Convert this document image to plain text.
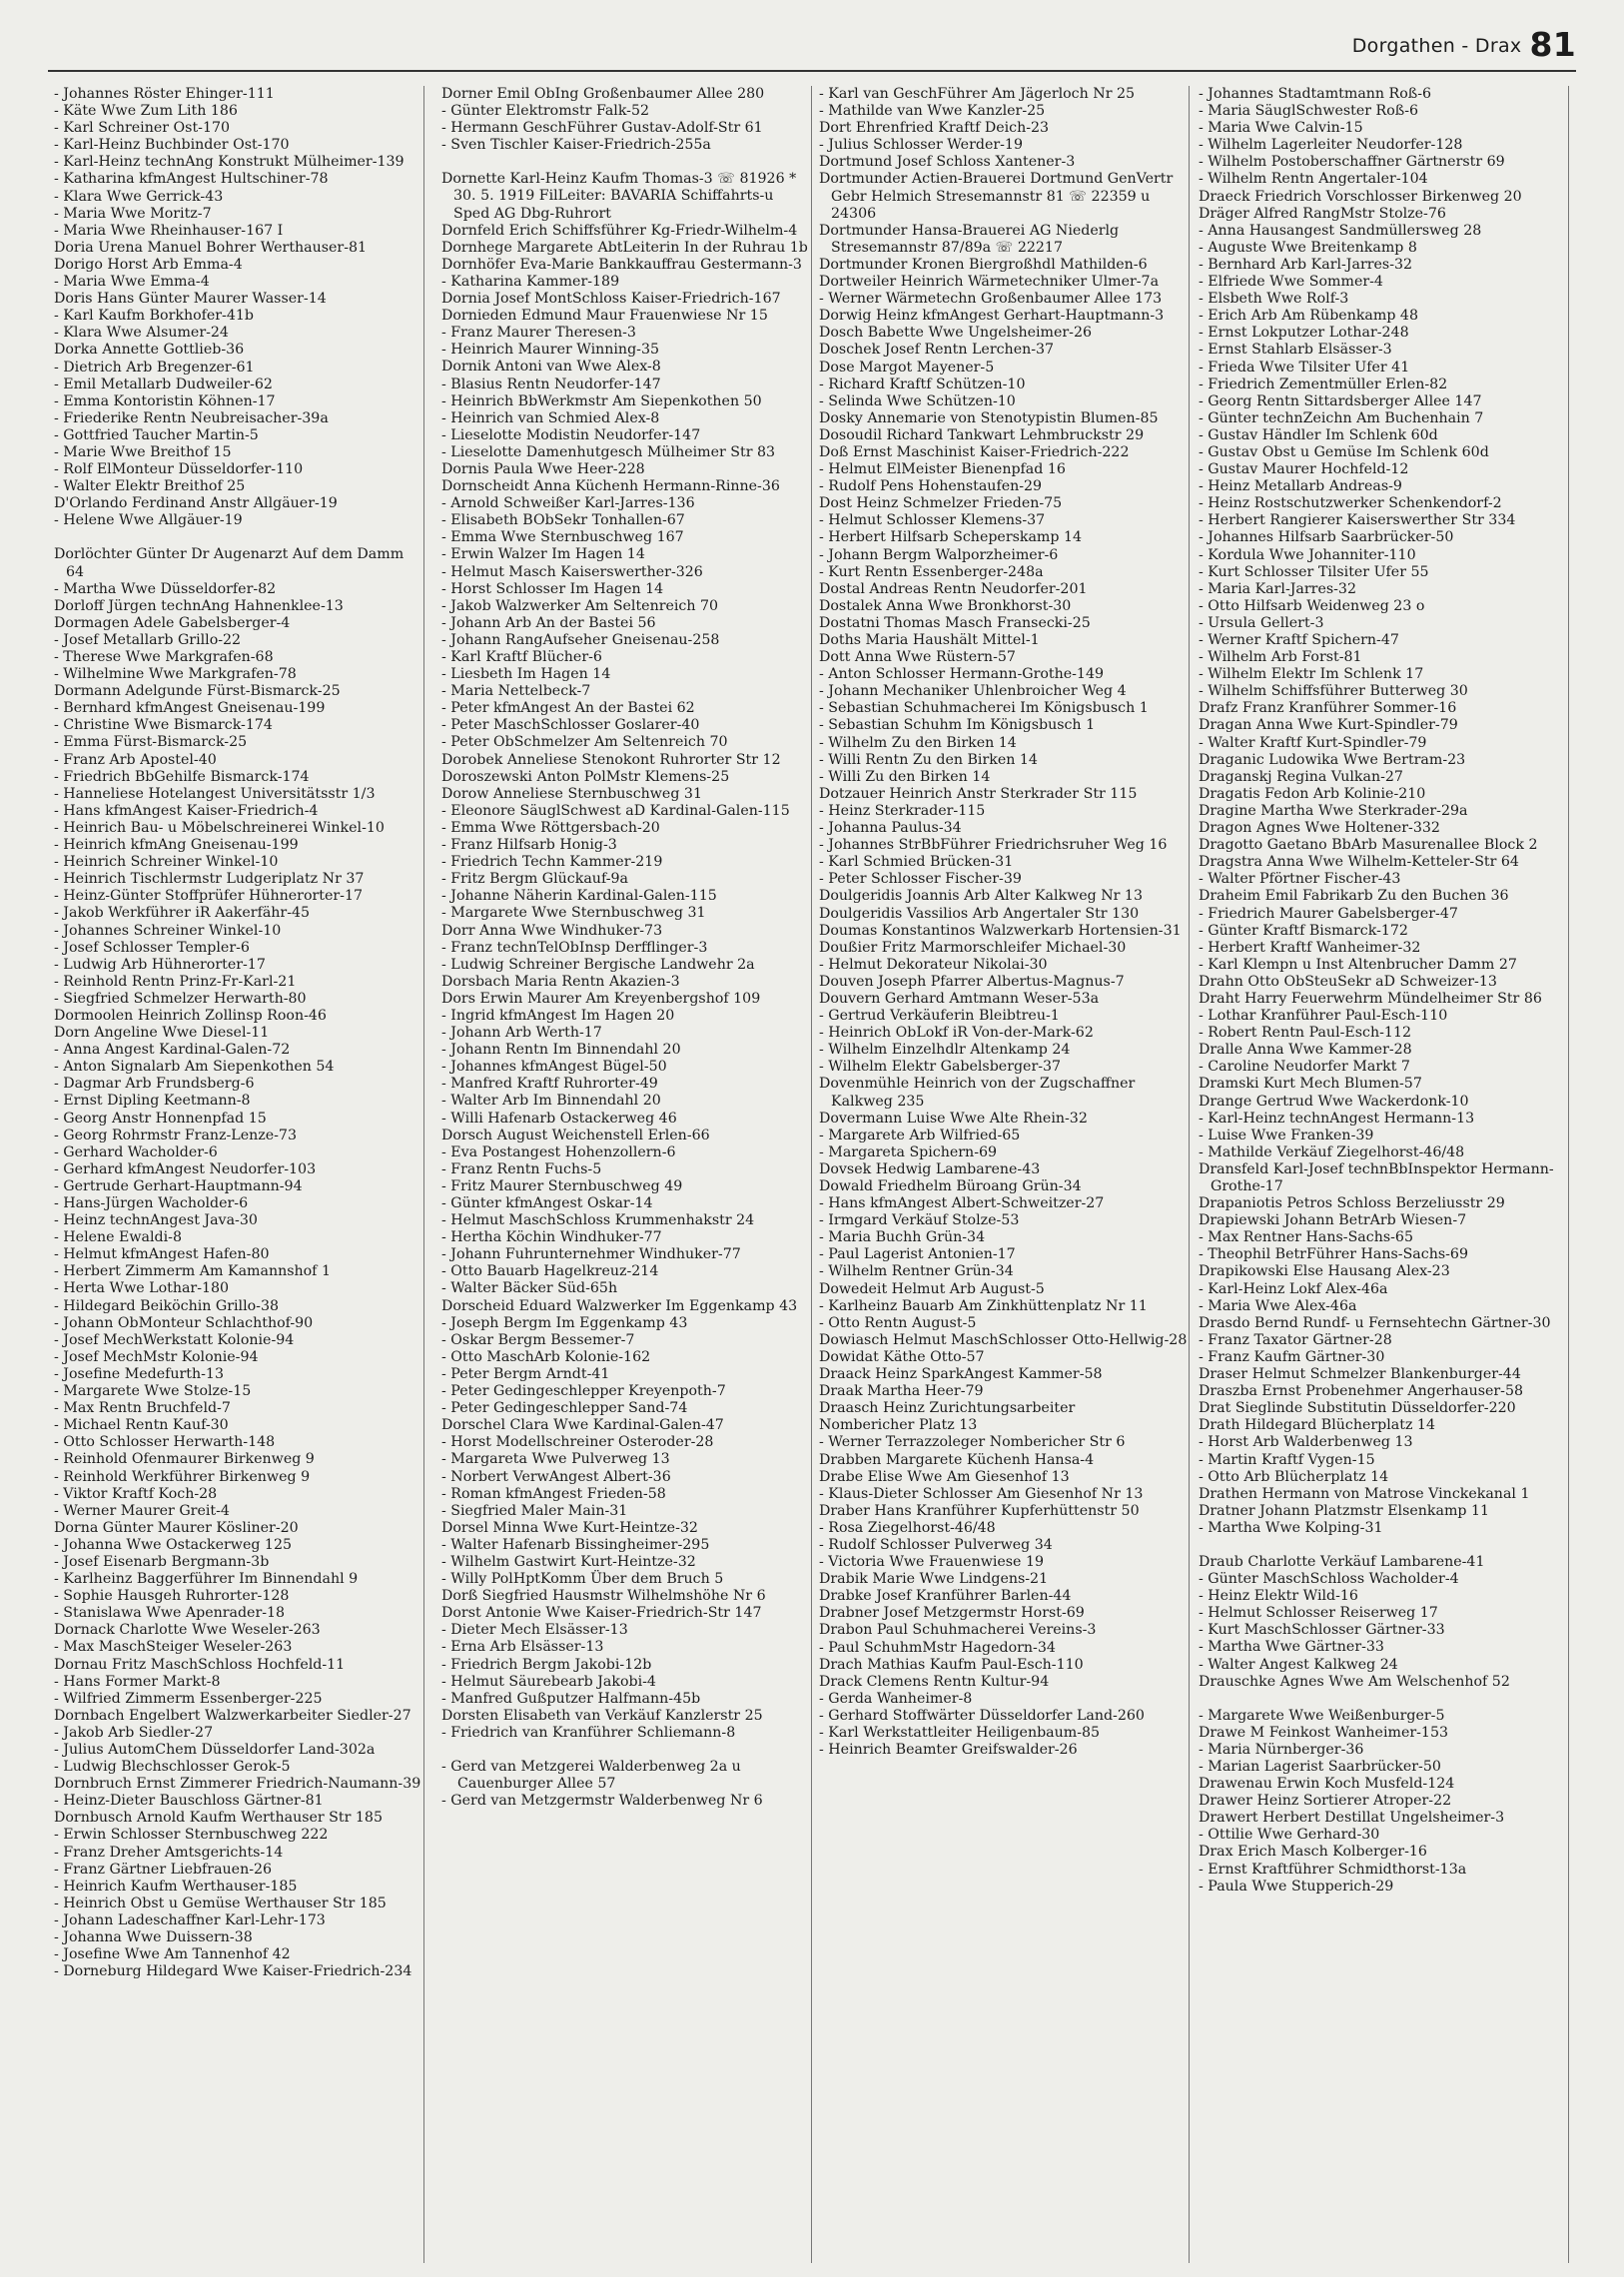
Dorgathen - Drax 81
- Johannes Röster Ehinger-111
- Käte Wwe Zum Lith 186
- Karl Schreiner Ost-170
- Karl-Heinz Buchbinder Ost-170
- Karl-Heinz technAng Konstrukt Mülheimer-139
- Katharina kfmAngest Hultschiner-78
- Klara Wwe Gerrick-43
- Maria Wwe Moritz-7
- Maria Wwe Rheinhauser-167 I
Doria Urena Manuel Bohrer Werthauser-81
Dorigo Horst Arb Emma-4
- Maria Wwe Emma-4
Doris Hans Günter Maurer Wasser-14
- Karl Kaufm Borkhofer-41b
- Klara Wwe Alsumer-24
Dorka Annette Gottlieb-36
- Dietrich Arb Bregenzer-61
- Emil Metallarb Dudweiler-62
- Emma Kontoristin Köhnen-17
- Friederike Rentn Neubreisacher-39a
- Gottfried Taucher Martin-5
- Marie Wwe Breithof 15
- Rolf ElMonteur Düsseldorfer-110
- Walter Elektr Breithof 25
D'Orlando Ferdinand Anstr Allgäuer-19
- Helene Wwe Allgäuer-19
Dorlöchter Günter Dr Augenarzt Auf dem Damm 64
- Martha Wwe Düsseldorfer-82
Dorloff Jürgen technAng Hahnenklee-13
Dormagen Adele Gabelsberger-4
- Josef Metallarb Grillo-22
- Therese Wwe Markgrafen-68
- Wilhelmine Wwe Markgrafen-78
Dormann Adelgunde Fürst-Bismarck-25
- Bernhard kfmAngest Gneisenau-199
- Christine Wwe Bismarck-174
- Emma Fürst-Bismarck-25
- Franz Arb Apostel-40
- Friedrich BbGehilfe Bismarck-174
- Hanneliese Hotelangest Universitätsstr 1/3
- Hans kfmAngest Kaiser-Friedrich-4
- Heinrich Bau- u Möbelschreinerei Winkel-10
- Heinrich kfmAng Gneisenau-199
- Heinrich Schreiner Winkel-10
- Heinrich Tischlermstr Ludgeriplatz Nr 37
- Heinz-Günter Stoffprüfer Hühnerorter-17
- Jakob Werkführer iR Aakerfähr-45
- Johannes Schreiner Winkel-10
- Josef Schlosser Templer-6
- Ludwig Arb Hühnerorter-17
- Reinhold Rentn Prinz-Fr-Karl-21
- Siegfried Schmelzer Herwarth-80
Dormoolen Heinrich Zollinsp Roon-46
Dorn Angeline Wwe Diesel-11
- Anna Angest Kardinal-Galen-72
- Anton Signalarb Am Siepenkothen 54
- Dagmar Arb Frundsberg-6
- Ernst Dipling Keetmann-8
- Georg Anstr Honnenpfad 15
- Georg Rohrmstr Franz-Lenze-73
- Gerhard Wacholder-6
- Gerhard kfmAngest Neudorfer-103
- Gertrude Gerhart-Hauptmann-94
- Hans-Jürgen Wacholder-6
- Heinz technAngest Java-30
- Helene Ewaldi-8
- Helmut kfmAngest Hafen-80
- Herbert Zimmerm Am Kamannshof 1
- Herta Wwe Lothar-180
- Hildegard Beiköchin Grillo-38
- Johann ObMonteur Schlachthof-90
- Josef MechWerkstatt Kolonie-94
- Josef MechMstr Kolonie-94
- Josefine Medefurth-13
- Margarete Wwe Stolze-15
- Max Rentn Bruchfeld-7
- Michael Rentn Kauf-30
- Otto Schlosser Herwarth-148
- Reinhold Ofenmaurer Birkenweg 9
- Reinhold Werkführer Birkenweg 9
- Viktor Kraftf Koch-28
- Werner Maurer Greit-4
Dorna Günter Maurer Kösliner-20
- Johanna Wwe Ostackerweg 125
- Josef Eisenarb Bergmann-3b
- Karlheinz Baggerführer Im Binnendahl 9
- Sophie Hausgeh Ruhrorter-128
- Stanislawa Wwe Apenrader-18
Dornack Charlotte Wwe Weseler-263
- Max MaschSteiger Weseler-263
Dornau Fritz MaschSchloss Hochfeld-11
- Hans Former Markt-8
- Wilfried Zimmerm Essenberger-225
Dornbach Engelbert Walzwerkarbeiter Siedler-27
- Jakob Arb Siedler-27
- Julius AutomChem Düsseldorfer Land-302a
- Ludwig Blechschlosser Gerok-5
Dornbruch Ernst Zimmerer Friedrich-Naumann-39
- Heinz-Dieter Bauschloss Gärtner-81
Dornbusch Arnold Kaufm Werthauser Str 185
- Erwin Schlosser Sternbuschweg 222
- Franz Dreher Amtsgerichts-14
- Franz Gärtner Liebfrauen-26
- Heinrich Kaufm Werthauser-185
- Heinrich Obst u Gemüse Werthauser Str 185
- Johann Ladeschaffner Karl-Lehr-173
- Johanna Wwe Duissern-38
- Josefine Wwe Am Tannenhof 42
- Dorneburg Hildegard Wwe Kaiser-Friedrich-234
Dorner Emil ObIng Großenbaumer Allee 280
- Günter Elektromstr Falk-52
- Hermann GeschFührer Gustav-Adolf-Str 61
- Sven Tischler Kaiser-Friedrich-255a
Dornette Karl-Heinz Kaufm Thomas-3 ☏ 81926 * 30. 5. 1919 FilLeiter: BAVARIA Schiffahrts-u Sped AG Dbg-Ruhrort
Dornfeld Erich Schiffsführer Kg-Friedr-Wilhelm-4
Dornhege Margarete AbtLeiterin In der Ruhrau 1b
Dornhöfer Eva-Marie Bankkauffrau Gestermann-3
- Katharina Kammer-189
Dornia Josef MontSchloss Kaiser-Friedrich-167
Dornieden Edmund Maur Frauenwiese Nr 15
- Franz Maurer Theresen-3
- Heinrich Maurer Winning-35
Dornik Antoni van Wwe Alex-8
- Blasius Rentn Neudorfer-147
- Heinrich BbWerkmstr Am Siepenkothen 50
- Heinrich van Schmied Alex-8
- Lieselotte Modistin Neudorfer-147
- Lieselotte Damenhutgesch Mülheimer Str 83
Dornis Paula Wwe Heer-228
Dornscheidt Anna Küchenh Hermann-Rinne-36
- Arnold Schweißer Karl-Jarres-136
- Elisabeth BObSekr Tonhallen-67
- Emma Wwe Sternbuschweg 167
- Erwin Walzer Im Hagen 14
- Helmut Masch Kaiserswerther-326
- Horst Schlosser Im Hagen 14
- Jakob Walzwerker Am Seltenreich 70
- Johann Arb An der Bastei 56
- Johann RangAufseher Gneisenau-258
- Karl Kraftf Blücher-6
- Liesbeth Im Hagen 14
- Maria Nettelbeck-7
- Peter kfmAngest An der Bastei 62
- Peter MaschSchlosser Goslarer-40
- Peter ObSchmelzer Am Seltenreich 70
Dorobek Anneliese Stenokont Ruhrorter Str 12
Doroszewski Anton PolMstr Klemens-25
Dorow Anneliese Sternbuschweg 31
- Eleonore SäuglSchwest aD Kardinal-Galen-115
- Emma Wwe Röttgersbach-20
- Franz Hilfsarb Honig-3
- Friedrich Techn Kammer-219
- Fritz Bergm Glückauf-9a
- Johanne Näherin Kardinal-Galen-115
- Margarete Wwe Sternbuschweg 31
Dorr Anna Wwe Windhuker-73
- Franz technTelObInsp Derfflinger-3
- Ludwig Schreiner Bergische Landwehr 2a
Dorsbach Maria Rentn Akazien-3
Dors Erwin Maurer Am Kreyenbergshof 109
- Ingrid kfmAngest Im Hagen 20
- Johann Arb Werth-17
- Johann Rentn Im Binnendahl 20
- Johannes kfmAngest Bügel-50
- Manfred Kraftf Ruhrorter-49
- Walter Arb Im Binnendahl 20
- Willi Hafenarb Ostackerweg 46
Dorsch August Weichenstell Erlen-66
- Eva Postangest Hohenzollern-6
- Franz Rentn Fuchs-5
- Fritz Maurer Sternbuschweg 49
- Günter kfmAngest Oskar-14
- Helmut MaschSchloss Krummenhakstr 24
- Hertha Köchin Windhuker-77
- Johann Fuhrunternehmer Windhuker-77
- Otto Bauarb Hagelkreuz-214
- Walter Bäcker Süd-65h
Dorscheid Eduard Walzwerker Im Eggenkamp 43
- Joseph Bergm Im Eggenkamp 43
- Oskar Bergm Bessemer-7
- Otto MaschArb Kolonie-162
- Peter Bergm Arndt-41
- Peter Gedingeschlepper Kreyenpoth-7
- Peter Gedingeschlepper Sand-74
Dorschel Clara Wwe Kardinal-Galen-47
- Horst Modellschreiner Osteroder-28
- Margareta Wwe Pulverweg 13
- Norbert VerwAngest Albert-36
- Roman kfmAngest Frieden-58
- Siegfried Maler Main-31
Dorsel Minna Wwe Kurt-Heintze-32
- Walter Hafenarb Bissingheimer-295
- Wilhelm Gastwirt Kurt-Heintze-32
- Willy PolHptKomm Über dem Bruch 5
Dorß Siegfried Hausmstr Wilhelmshöhe Nr 6
Dorst Antonie Wwe Kaiser-Friedrich-Str 147
- Dieter Mech Elsässer-13
- Erna Arb Elsässer-13
- Friedrich Bergm Jakobi-12b
- Helmut Säurebearb Jakobi-4
- Manfred Gußputzer Halfmann-45b
Dorsten Elisabeth van Verkäuf Kanzlerstr 25
- Friedrich van Kranführer Schliemann-8
- Gerd van Metzgerei Walderbenweg 2a u Cauenburger Allee 57
- Gerd van Metzgermstr Walderbenweg Nr 6
- Karl van GeschFührer Am Jägerloch Nr 25
- Mathilde van Wwe Kanzler-25
Dort Ehrenfried Kraftf Deich-23
- Julius Schlosser Werder-19
Dortmund Josef Schloss Xantener-3
Dortmunder Actien-Brauerei Dortmund GenVertr Gebr Helmich Stresemannstr 81 ☏ 22359 u 24306
Dortmunder Hansa-Brauerei AG Niederlg Stresemannstr 87/89a ☏ 22217
Dortmunder Kronen Biergroßhdl Mathilden-6
Dortweiler Heinrich Wärmetechniker Ulmer-7a
- Werner Wärmetechn Großenbaumer Allee 173
Dorwig Heinz kfmAngest Gerhart-Hauptmann-3
Dosch Babette Wwe Ungelsheimer-26
Doschek Josef Rentn Lerchen-37
Dose Margot Mayener-5
- Richard Kraftf Schützen-10
- Selinda Wwe Schützen-10
Dosky Annemarie von Stenotypistin Blumen-85
Dosoudil Richard Tankwart Lehmbruckstr 29
Doß Ernst Maschinist Kaiser-Friedrich-222
- Helmut ElMeister Bienenpfad 16
- Rudolf Pens Hohenstaufen-29
Dost Heinz Schmelzer Frieden-75
- Helmut Schlosser Klemens-37
- Herbert Hilfsarb Scheperskamp 14
- Johann Bergm Walporzheimer-6
- Kurt Rentn Essenberger-248a
Dostal Andreas Rentn Neudorfer-201
Dostalek Anna Wwe Bronkhorst-30
Dostatni Thomas Masch Fransecki-25
Doths Maria Haushält Mittel-1
Dott Anna Wwe Rüstern-57
- Anton Schlosser Hermann-Grothe-149
- Johann Mechaniker Uhlenbroicher Weg 4
- Sebastian Schuhmacherei Im Königsbusch 1
- Sebastian Schuhm Im Königsbusch 1
- Wilhelm Zu den Birken 14
- Willi Rentn Zu den Birken 14
- Willi Zu den Birken 14
Dotzauer Heinrich Anstr Sterkrader Str 115
- Heinz Sterkrader-115
- Johanna Paulus-34
- Johannes StrBbFührer Friedrichsruher Weg 16
- Karl Schmied Brücken-31
- Peter Schlosser Fischer-39
Doulgeridis Joannis Arb Alter Kalkweg Nr 13
Doulgeridis Vassilios Arb Angertaler Str 130
Doumas Konstantinos Walzwerkarb Hortensien-31
Doußier Fritz Marmorschleifer Michael-30
- Helmut Dekorateur Nikolai-30
Douven Joseph Pfarrer Albertus-Magnus-7
Douvern Gerhard Amtmann Weser-53a
- Gertrud Verkäuferin Bleibtreu-1
- Heinrich ObLokf iR Von-der-Mark-62
- Wilhelm Einzelhdlr Altenkamp 24
- Wilhelm Elektr Gabelsberger-37
Dovenmühle Heinrich von der Zugschaffner Kalkweg 235
Dovermann Luise Wwe Alte Rhein-32
- Margarete Arb Wilfried-65
- Margareta Spichern-69
Dovsek Hedwig Lambarene-43
Dowald Friedhelm Büroang Grün-34
- Hans kfmAngest Albert-Schweitzer-27
- Irmgard Verkäuf Stolze-53
- Maria Buchh Grün-34
- Paul Lagerist Antonien-17
- Wilhelm Rentner Grün-34
Dowedeit Helmut Arb August-5
- Karlheinz Bauarb Am Zinkhüttenplatz Nr 11
- Otto Rentn August-5
Dowiasch Helmut MaschSchlosser Otto-Hellwig-28
Dowidat Käthe Otto-57
Draack Heinz SparkAngest Kammer-58
Draak Martha Heer-79
Draasch Heinz Zurichtungsarbeiter
Nombericher Platz 13
- Werner Terrazzoleger Nombericher Str 6
Drabben Margarete Küchenh Hansa-4
Drabe Elise Wwe Am Giesenhof 13
- Klaus-Dieter Schlosser Am Giesenhof Nr 13
Draber Hans Kranführer Kupferhüttenstr 50
- Rosa Ziegelhorst-46/48
- Rudolf Schlosser Pulverweg 34
- Victoria Wwe Frauenwiese 19
Drabik Marie Wwe Lindgens-21
Drabke Josef Kranführer Barlen-44
Drabner Josef Metzgermstr Horst-69
Drabon Paul Schuhmacherei Vereins-3
- Paul SchuhmMstr Hagedorn-34
Drach Mathias Kaufm Paul-Esch-110
Drack Clemens Rentn Kultur-94
- Gerda Wanheimer-8
- Gerhard Stoffwärter Düsseldorfer Land-260
- Karl Werkstattleiter Heiligenbaum-85
- Heinrich Beamter Greifswalder-26
- Johannes Stadtamtmann Roß-6
- Maria SäuglSchwester Roß-6
- Maria Wwe Calvin-15
- Wilhelm Lagerleiter Neudorfer-128
- Wilhelm Postoberschaffner Gärtnerstr 69
- Wilhelm Rentn Angertaler-104
Draeck Friedrich Vorschlosser Birkenweg 20
Dräger Alfred RangMstr Stolze-76
- Anna Hausangest Sandmüllersweg 28
- Auguste Wwe Breitenkamp 8
- Bernhard Arb Karl-Jarres-32
- Elfriede Wwe Sommer-4
- Elsbeth Wwe Rolf-3
- Erich Arb Am Rübenkamp 48
- Ernst Lokputzer Lothar-248
- Ernst Stahlarb Elsässer-3
- Frieda Wwe Tilsiter Ufer 41
- Friedrich Zementmüller Erlen-82
- Georg Rentn Sittardsberger Allee 147
- Günter technZeichn Am Buchenhain 7
- Gustav Händler Im Schlenk 60d
- Gustav Obst u Gemüse Im Schlenk 60d
- Gustav Maurer Hochfeld-12
- Heinz Metallarb Andreas-9
- Heinz Rostschutzwerker Schenkendorf-2
- Herbert Rangierer Kaiserswerther Str 334
- Johannes Hilfsarb Saarbrücker-50
- Kordula Wwe Johanniter-110
- Kurt Schlosser Tilsiter Ufer 55
- Maria Karl-Jarres-32
- Otto Hilfsarb Weidenweg 23 o
- Ursula Gellert-3
- Werner Kraftf Spichern-47
- Wilhelm Arb Forst-81
- Wilhelm Elektr Im Schlenk 17
- Wilhelm Schiffsführer Butterweg 30
Drafz Franz Kranführer Sommer-16
Dragan Anna Wwe Kurt-Spindler-79
- Walter Kraftf Kurt-Spindler-79
Draganic Ludowika Wwe Bertram-23
Draganskj Regina Vulkan-27
Dragatis Fedon Arb Kolinie-210
Dragine Martha Wwe Sterkrader-29a
Dragon Agnes Wwe Holtener-332
Dragotto Gaetano BbArb Masurenallee Block 2
Dragstra Anna Wwe Wilhelm-Ketteler-Str 64
- Walter Pförtner Fischer-43
Draheim Emil Fabrikarb Zu den Buchen 36
- Friedrich Maurer Gabelsberger-47
- Günter Kraftf Bismarck-172
- Herbert Kraftf Wanheimer-32
- Karl Klempn u Inst Altenbrucher Damm 27
Drahn Otto ObSteuSekr aD Schweizer-13
Draht Harry Feuerwehrm Mündelheimer Str 86
- Lothar Kranführer Paul-Esch-110
- Robert Rentn Paul-Esch-112
Dralle Anna Wwe Kammer-28
- Caroline Neudorfer Markt 7
Dramski Kurt Mech Blumen-57
Drange Gertrud Wwe Wackerdonk-10
- Karl-Heinz technAngest Hermann-13
- Luise Wwe Franken-39
- Mathilde Verkäuf Ziegelhorst-46/48
Dransfeld Karl-Josef technBbInspektor Hermann-Grothe-17
Drapaniotis Petros Schloss Berzeliusstr 29
Drapiewski Johann BetrArb Wiesen-7
- Max Rentner Hans-Sachs-65
- Theophil BetrFührer Hans-Sachs-69
Drapikowski Else Hausang Alex-23
- Karl-Heinz Lokf Alex-46a
- Maria Wwe Alex-46a
Drasdo Bernd Rundf- u Fernsehtechn Gärtner-30
- Franz Taxator Gärtner-28
- Franz Kaufm Gärtner-30
Draser Helmut Schmelzer Blankenburger-44
Draszba Ernst Probenehmer Angerhauser-58
Drat Sieglinde Substitutin Düsseldorfer-220
Drath Hildegard Blücherplatz 14
- Horst Arb Walderbenweg 13
- Martin Kraftf Vygen-15
- Otto Arb Blücherplatz 14
Drathen Hermann von Matrose Vinckekanal 1
Dratner Johann Platzmstr Elsenkamp 11
- Martha Wwe Kolping-31
Draub Charlotte Verkäuf Lambarene-41
- Günter MaschSchloss Wacholder-4
- Heinz Elektr Wild-16
- Helmut Schlosser Reiserweg 17
- Kurt MaschSchlosser Gärtner-33
- Martha Wwe Gärtner-33
- Walter Angest Kalkweg 24
Drauschke Agnes Wwe Am Welschenhof 52
- Margarete Wwe Weißenburger-5
Drawe M Feinkost Wanheimer-153
- Maria Nürnberger-36
- Marian Lagerist Saarbrücker-50
Drawenau Erwin Koch Musfeld-124
Drawer Heinz Sortierer Atroper-22
Drawert Herbert Destillat Ungelsheimer-3
- Ottilie Wwe Gerhard-30
Drax Erich Masch Kolberger-16
- Ernst Kraftführer Schmidthorst-13a
- Paula Wwe Stupperich-29
